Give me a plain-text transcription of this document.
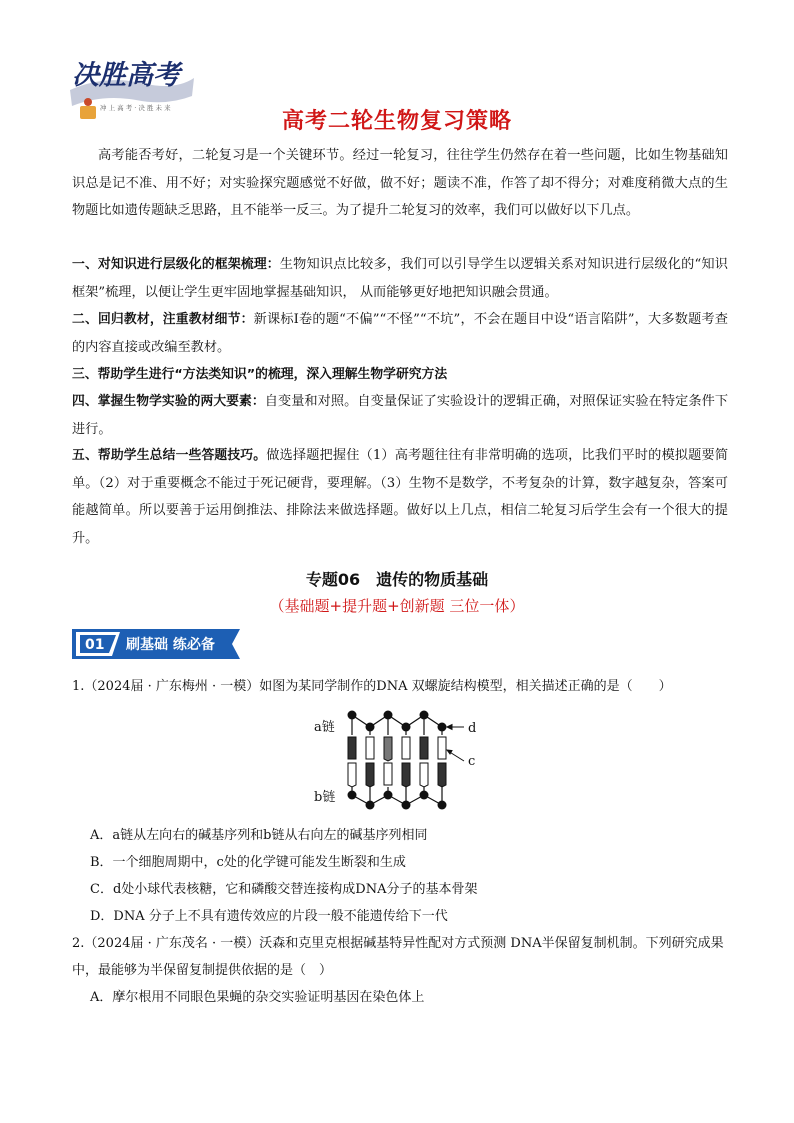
决胜高考
冲 上 高 考 · 决 胜 未 来
高考二轮生物复习策略

高考能否考好，二轮复习是一个关键环节。经过一轮复习，往往学生仍然存在着一些问题，比如生物基础知识总是记不准、用不好；对实验探究题感觉不好做，做不好；题读不准，作答了却不得分；对难度稍微大点的生物题比如遗传题缺乏思路，且不能举一反三。为了提升二轮复习的效率，我们可以做好以下几点。

一、对知识进行层级化的框架梳理：生物知识点比较多，我们可以引导学生以逻辑关系对知识进行层级化的“知识框架”梳理，以便让学生更牢固地掌握基础知识， 从而能够更好地把知识融会贯通。

二、回归教材，注重教材细节：新课标Ⅰ卷的题“不偏”“不怪”“不坑”，不会在题目中设“语言陷阱”，大多数题考查的内容直接或改编至教材。

三、帮助学生进行“方法类知识”的梳理，深入理解生物学研究方法

四、掌握生物学实验的两大要素：自变量和对照。自变量保证了实验设计的逻辑正确，对照保证实验在特定条件下进行。

五、帮助学生总结一些答题技巧。做选择题把握住（1）高考题往往有非常明确的选项，比我们平时的模拟题要简单。（2）对于重要概念不能过于死记硬背，要理解。（3）生物不是数学，不考复杂的计算，数字越复杂，答案可能越简单。所以要善于运用倒推法、排除法来做选择题。做好以上几点，相信二轮复习后学生会有一个很大的提升。

专题06 遗传的物质基础
（基础题+提升题+创新题 三位一体）
01 刷基础 练必备

1.（2024届 · 广东梅州 · 一模）如图为某同学制作的DNA 双螺旋结构模型，相关描述正确的是（　　）

a链
b链
d
c

A．a链从左向右的碱基序列和b链从右向左的碱基序列相同

B．一个细胞周期中，c处的化学键可能发生断裂和生成

C．d处小球代表核糖，它和磷酸交替连接构成DNA分子的基本骨架

D．DNA 分子上不具有遗传效应的片段一般不能遗传给下一代

2.（2024届 · 广东茂名 · 一模）沃森和克里克根据碱基特异性配对方式预测 DNA半保留复制机制。下列研究成果中，最能够为半保留复制提供依据的是（　）

A．摩尔根用不同眼色果蝇的杂交实验证明基因在染色体上
